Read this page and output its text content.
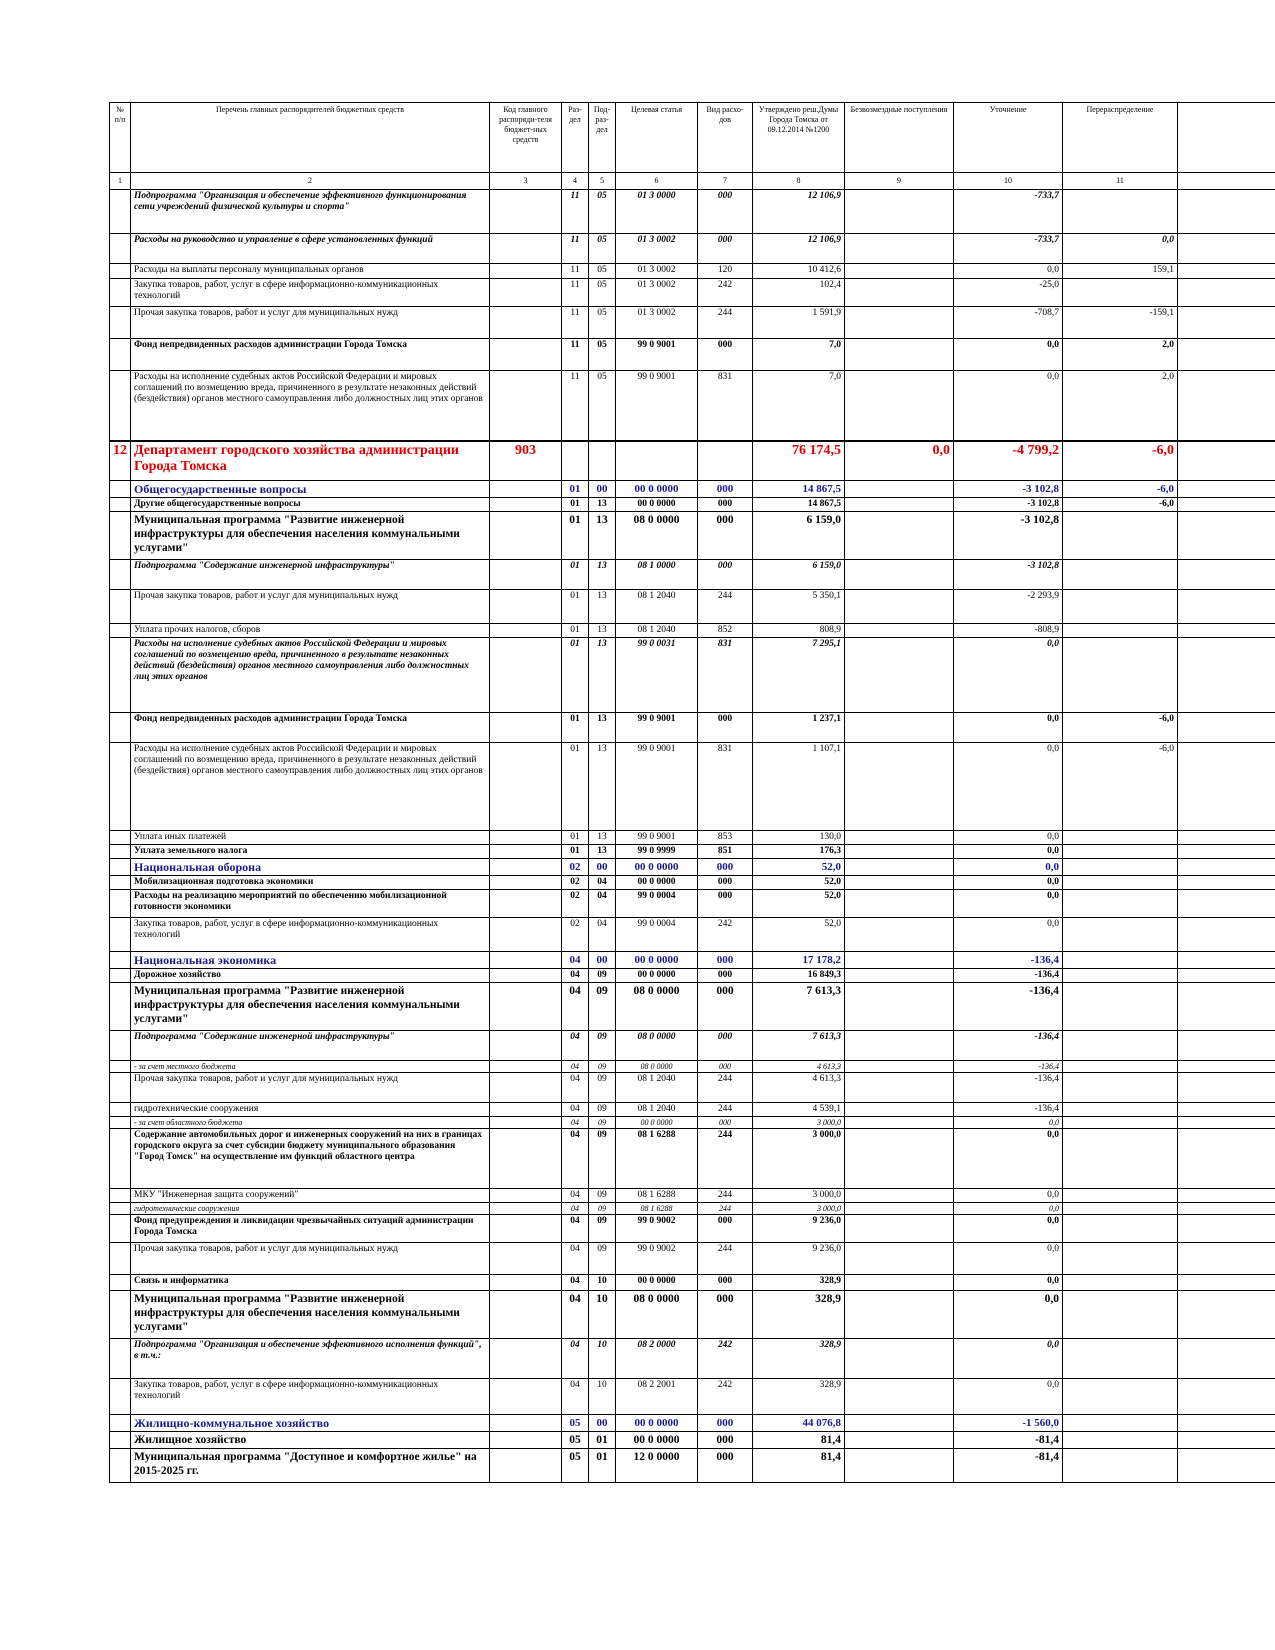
№ п/п	Перечень главных распорядителей бюджетных средств	Код главного распоряди-теля бюджет-ных средств	Раз-дел	Под-раз-дел	Целевая статья	Вид расхо-дов	Утверждено реш.Думы Города Томска от 09.12.2014 №1200	Безвозмездные поступления	Уточнение	Перераспределение	
1	2	3	4	5	6	7	8	9	10	11	
	Подпрограмма "Организация и обеспечение эффективного функционирования сети учреждений физической культуры и спорта"		11	05	01 3 0000	000	12 106,9		-733,7		
	Расходы на руководство и управление в сфере установленных функций		11	05	01 3 0002	000	12 106,9		-733,7	0,0	
	Расходы на выплаты персоналу муниципальных органов		11	05	01 3 0002	120	10 412,6		0,0	159,1	
	Закупка товаров, работ, услуг в сфере информационно-коммуникационных технологий		11	05	01 3 0002	242	102,4		-25,0		
	Прочая закупка товаров, работ и услуг для муниципальных нужд		11	05	01 3 0002	244	1 591,9		-708,7	-159,1	
	Фонд непредвиденных расходов администрации Города Томска		11	05	99 0 9001	000	7,0		0,0	2,0	
	Расходы на исполнение судебных актов Российской Федерации и мировых соглашений по возмещению вреда, причиненного в результате незаконных действий (бездействия) органов местного самоуправления либо должностных лиц этих органов		11	05	99 0 9001	831	7,0		0,0	2,0	
12	Департамент городского хозяйства администрации Города Томска	903					76 174,5	0,0	-4 799,2	-6,0	
	Общегосударственные вопросы		01	00	00 0 0000	000	14 867,5		-3 102,8	-6,0	
	Другие общегосударственные вопросы		01	13	00 0 0000	000	14 867,5		-3 102,8	-6,0	
	Муниципальная программа "Развитие инженерной инфраструктуры для обеспечения населения коммунальными услугами"		01	13	08 0 0000	000	6 159,0		-3 102,8		
	Подпрограмма "Содержание инженерной инфраструктуры"		01	13	08 1 0000	000	6 159,0		-3 102,8		
	Прочая закупка товаров, работ и услуг для муниципальных нужд		01	13	08 1 2040	244	5 350,1		-2 293,9		
	Уплата прочих налогов, сборов		01	13	08 1 2040	852	808,9		-808,9		
	Расходы на исполнение судебных актов Российской Федерации и мировых соглашений по возмещению вреда, причиненного в результате незаконных действий (бездействия) органов местного самоуправления либо должностных лиц этих органов		01	13	99 0 0031	831	7 295,1		0,0		
	Фонд непредвиденных расходов администрации Города Томска		01	13	99 0 9001	000	1 237,1		0,0	-6,0	
	Расходы на исполнение судебных актов Российской Федерации и мировых соглашений по возмещению вреда, причиненного в результате незаконных действий (бездействия) органов местного самоуправления либо должностных лиц этих органов		01	13	99 0 9001	831	1 107,1		0,0	-6,0	
	Уплата иных платежей		01	13	99 0 9001	853	130,0		0,0		
	Уплата земельного налога		01	13	99 0 9999	851	176,3		0,0		
	Национальная оборона		02	00	00 0 0000	000	52,0		0,0		
	Мобилизационная подготовка экономики		02	04	00 0 0000	000	52,0		0,0		
	Расходы на реализацию мероприятий по обеспечению мобилизационной готовности экономики		02	04	99 0 0004	000	52,0		0,0		
	Закупка товаров, работ, услуг в сфере информационно-коммуникационных технологий		02	04	99 0 0004	242	52,0		0,0		
	Национальная экономика		04	00	00 0 0000	000	17 178,2		-136,4		
	Дорожное хозяйство		04	09	00 0 0000	000	16 849,3		-136,4		
	Муниципальная программа "Развитие инженерной инфраструктуры для обеспечения населения коммунальными услугами"		04	09	08 0 0000	000	7 613,3		-136,4		
	Подпрограмма "Содержание инженерной инфраструктуры"		04	09	08 0 0000	000	7 613,3		-136,4		
	- за счет местного бюджета		04	09	08 0 0000	000	4 613,3		-136,4		
	Прочая закупка товаров, работ и услуг для муниципальных нужд		04	09	08 1 2040	244	4 613,3		-136,4		
	гидротехнические сооружения		04	09	08 1 2040	244	4 539,1		-136,4		
	- за счет областного бюджета		04	09	00 0 0000	000	3 000,0		0,0		
	Содержание автомобильных дорог и инженерных сооружений на них в границах городского округа за счет субсидии бюджету муниципального образования "Город Томск" на осуществление им функций областного центра		04	09	08 1 6288	244	3 000,0		0,0		
	МКУ "Инженерная защита сооружений"		04	09	08 1 6288	244	3 000,0		0,0		
	гидротехнические сооружения		04	09	08 1 6288	244	3 000,0		0,0		
	Фонд предупреждения и ликвидации чрезвычайных ситуаций администрации Города Томска		04	09	99 0 9002	000	9 236,0		0,0		
	Прочая закупка товаров, работ и услуг для муниципальных нужд		04	09	99 0 9002	244	9 236,0		0,0		
	Связь и информатика		04	10	00 0 0000	000	328,9		0,0		
	Муниципальная программа "Развитие инженерной инфраструктуры для обеспечения населения коммунальными услугами"		04	10	08 0 0000	000	328,9		0,0		
	Подпрограмма "Организация и обеспечение эффективного исполнения функций", в т.ч.:		04	10	08 2 0000	242	328,9		0,0		
	Закупка товаров, работ, услуг в сфере информационно-коммуникационных технологий		04	10	08 2 2001	242	328,9		0,0		
	Жилищно-коммунальное хозяйство		05	00	00 0 0000	000	44 076,8		-1 560,0		
	Жилищное хозяйство		05	01	00 0 0000	000	81,4		-81,4		
	Муниципальная программа "Доступное и комфортное жилье" на 2015-2025 гг.		05	01	12 0 0000	000	81,4		-81,4		
